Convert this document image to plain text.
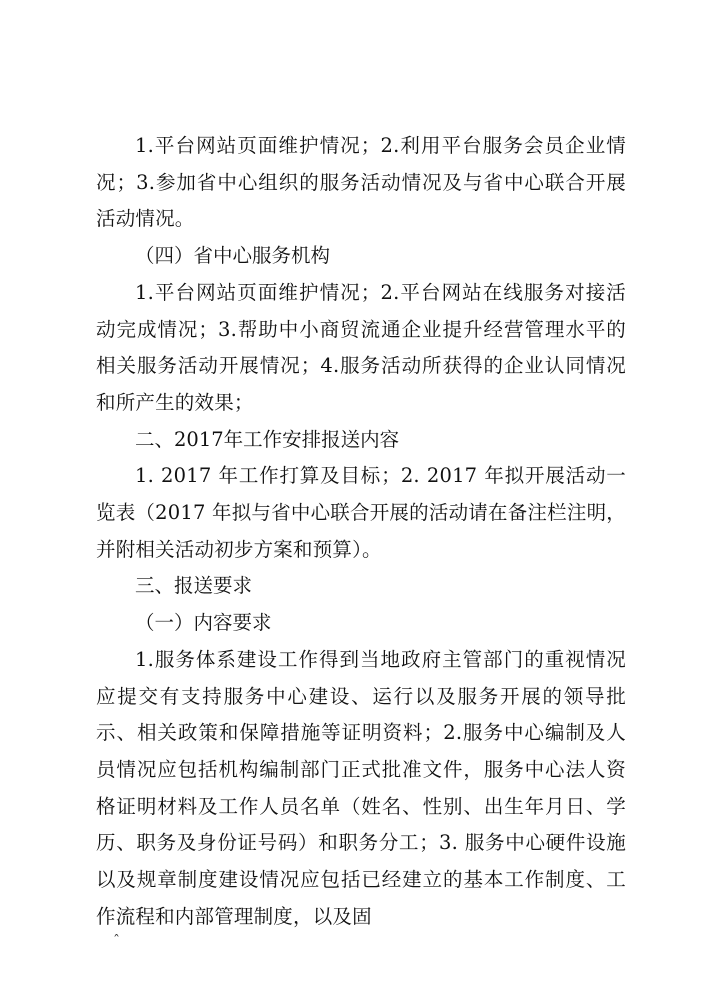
1.平台网站页面维护情况；2.利用平台服务会员企业情况；3.参加省中心组织的服务活动情况及与省中心联合开展活动情况。

（四）省中心服务机构

1.平台网站页面维护情况；2.平台网站在线服务对接活动完成情况；3.帮助中小商贸流通企业提升经营管理水平的相关服务活动开展情况；4.服务活动所获得的企业认同情况和所产生的效果；

二、2017年工作安排报送内容

1. 2017 年工作打算及目标；2. 2017 年拟开展活动一览表（2017 年拟与省中心联合开展的活动请在备注栏注明，并附相关活动初步方案和预算）。

三、报送要求

（一）内容要求

1.服务体系建设工作得到当地政府主管部门的重视情况应提交有支持服务中心建设、运行以及服务开展的领导批示、相关政策和保障措施等证明资料；2.服务中心编制及人员情况应包括机构编制部门正式批准文件，服务中心法人资格证明材料及工作人员名单（姓名、性别、出生年月日、学历、职务及身份证号码）和职务分工；3. 服务中心硬件设施以及规章制度建设情况应包括已经建立的基本工作制度、工作流程和内部管理制度，以及固

ˆ
